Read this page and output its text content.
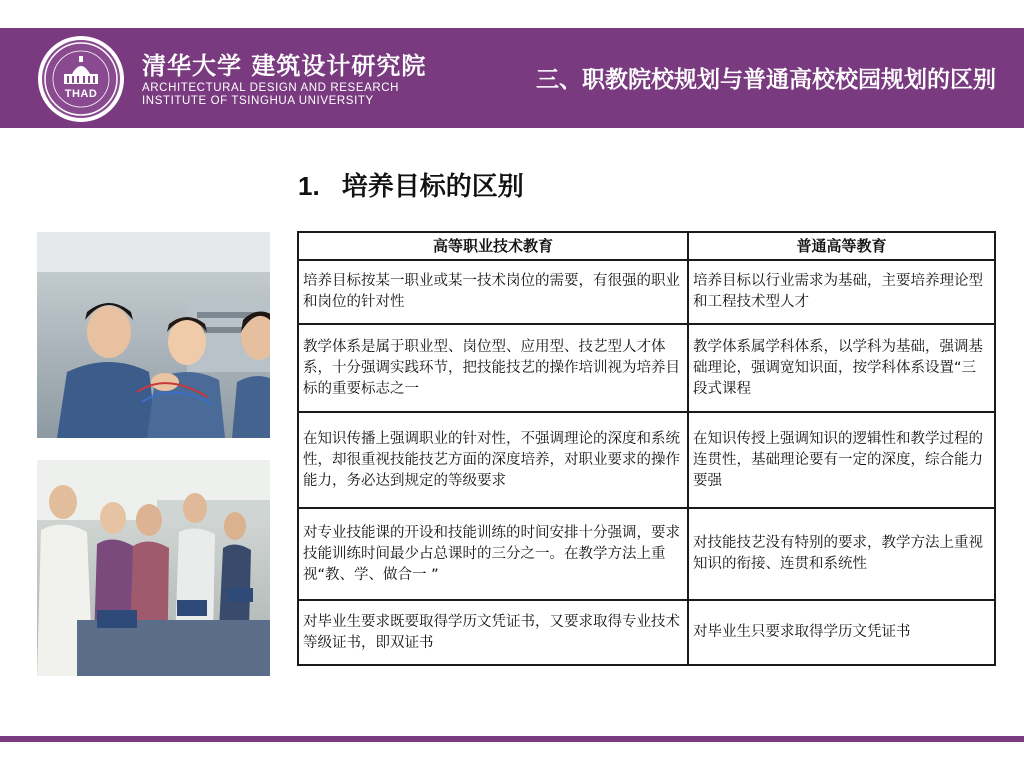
THAD
清华大学 建筑设计研究院
ARCHITECTURAL DESIGN AND RESEARCH
INSTITUTE OF TSINGHUA UNIVERSITY
三、职教院校规划与普通高校校园规划的区别
1. 培养目标的区别
高等职业技术教育	普通高等教育
培养目标按某一职业或某一技术岗位的需要，有很强的职业和岗位的针对性	培养目标以行业需求为基础，主要培养理论型和工程技术型人才
教学体系是属于职业型、岗位型、应用型、技艺型人才体系，十分强调实践环节，把技能技艺的操作培训视为培养目标的重要标志之一	教学体系属学科体系，以学科为基础，强调基础理论，强调宽知识面，按学科体系设置“三段式课程
在知识传播上强调职业的针对性，不强调理论的深度和系统性，却很重视技能技艺方面的深度培养，对职业要求的操作能力，务必达到规定的等级要求	在知识传授上强调知识的逻辑性和教学过程的连贯性，基础理论要有一定的深度，综合能力要强
对专业技能课的开设和技能训练的时间安排十分强调，要求技能训练时间最少占总课时的三分之一。在教学方法上重视“教、学、做合一 ”	对技能技艺没有特别的要求，教学方法上重视知识的衔接、连贯和系统性
对毕业生要求既要取得学历文凭证书，又要求取得专业技术等级证书，即双证书	对毕业生只要求取得学历文凭证书
